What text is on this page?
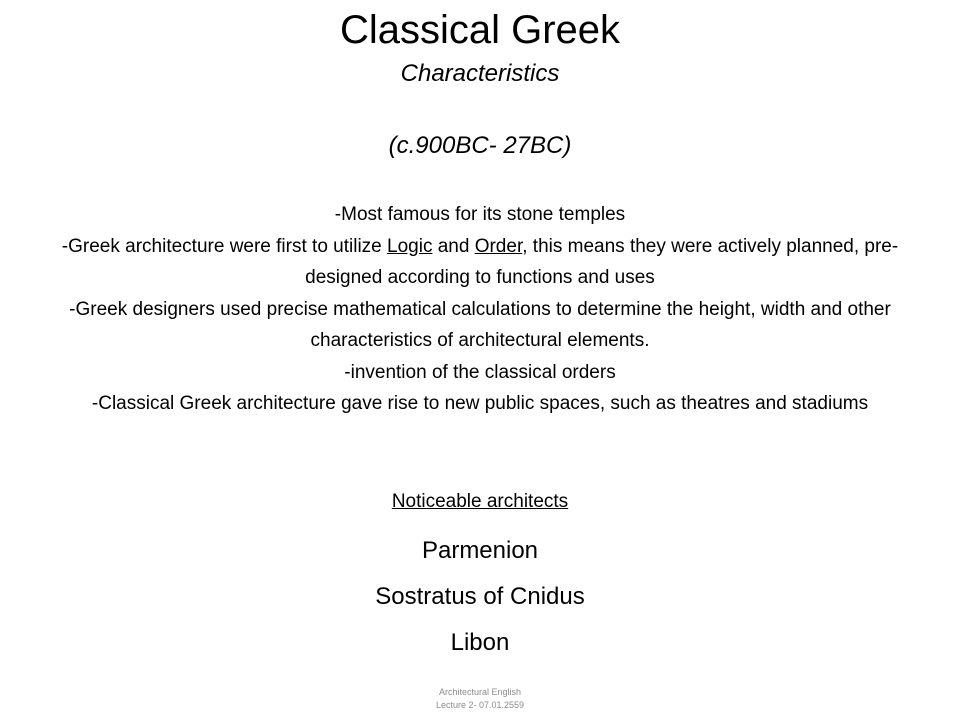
Classical Greek
Characteristics
(c.900BC- 27BC)
-Most famous for its stone temples
-Greek architecture were first to utilize Logic and Order, this means they were actively planned, pre-designed according to functions and uses
-Greek designers used precise mathematical calculations to determine the height, width and other characteristics of architectural elements.
-invention of the classical orders
-Classical Greek architecture gave rise to new public spaces, such as theatres and stadiums
Noticeable architects
Parmenion
Sostratus of Cnidus
Libon
Architectural English
Lecture 2- 07.01.2559
